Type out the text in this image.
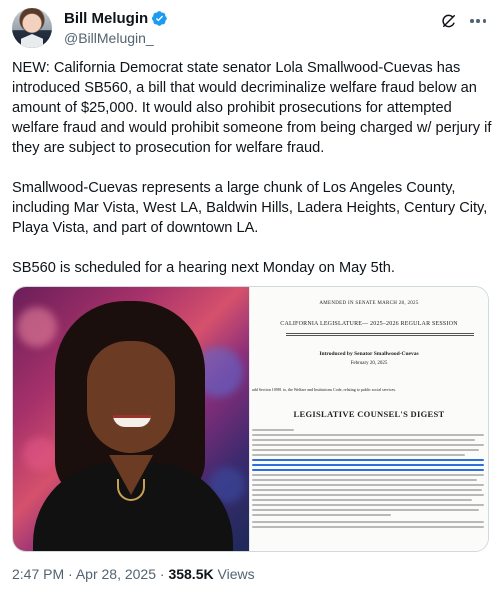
Bill Melugin
@BillMelugin_

NEW: California Democrat state senator Lola Smallwood-Cuevas has introduced SB560, a bill that would decriminalize welfare fraud below an amount of $25,000. It would also prohibit prosecutions for attempted welfare fraud and would prohibit someone from being charged w/ perjury if they are subject to prosecution for welfare fraud.

Smallwood-Cuevas represents a large chunk of Los Angeles County, including Mar Vista, West LA, Baldwin Hills, Ladera Heights, Century City, Playa Vista, and part of downtown LA.

SB560 is scheduled for a hearing next Monday on May 5th.

AMENDED IN SENATE MARCH 28, 2025
CALIFORNIA LEGISLATURE— 2025–2026 REGULAR SESSION
Introduced by Senator Smallwood-Cuevas
February 20, 2025
add Section 10981 to, the Welfare and Institutions Code, relating to public social services.
LEGISLATIVE COUNSEL'S DIGEST
2:47 PM · Apr 28, 2025 · 358.5K Views
